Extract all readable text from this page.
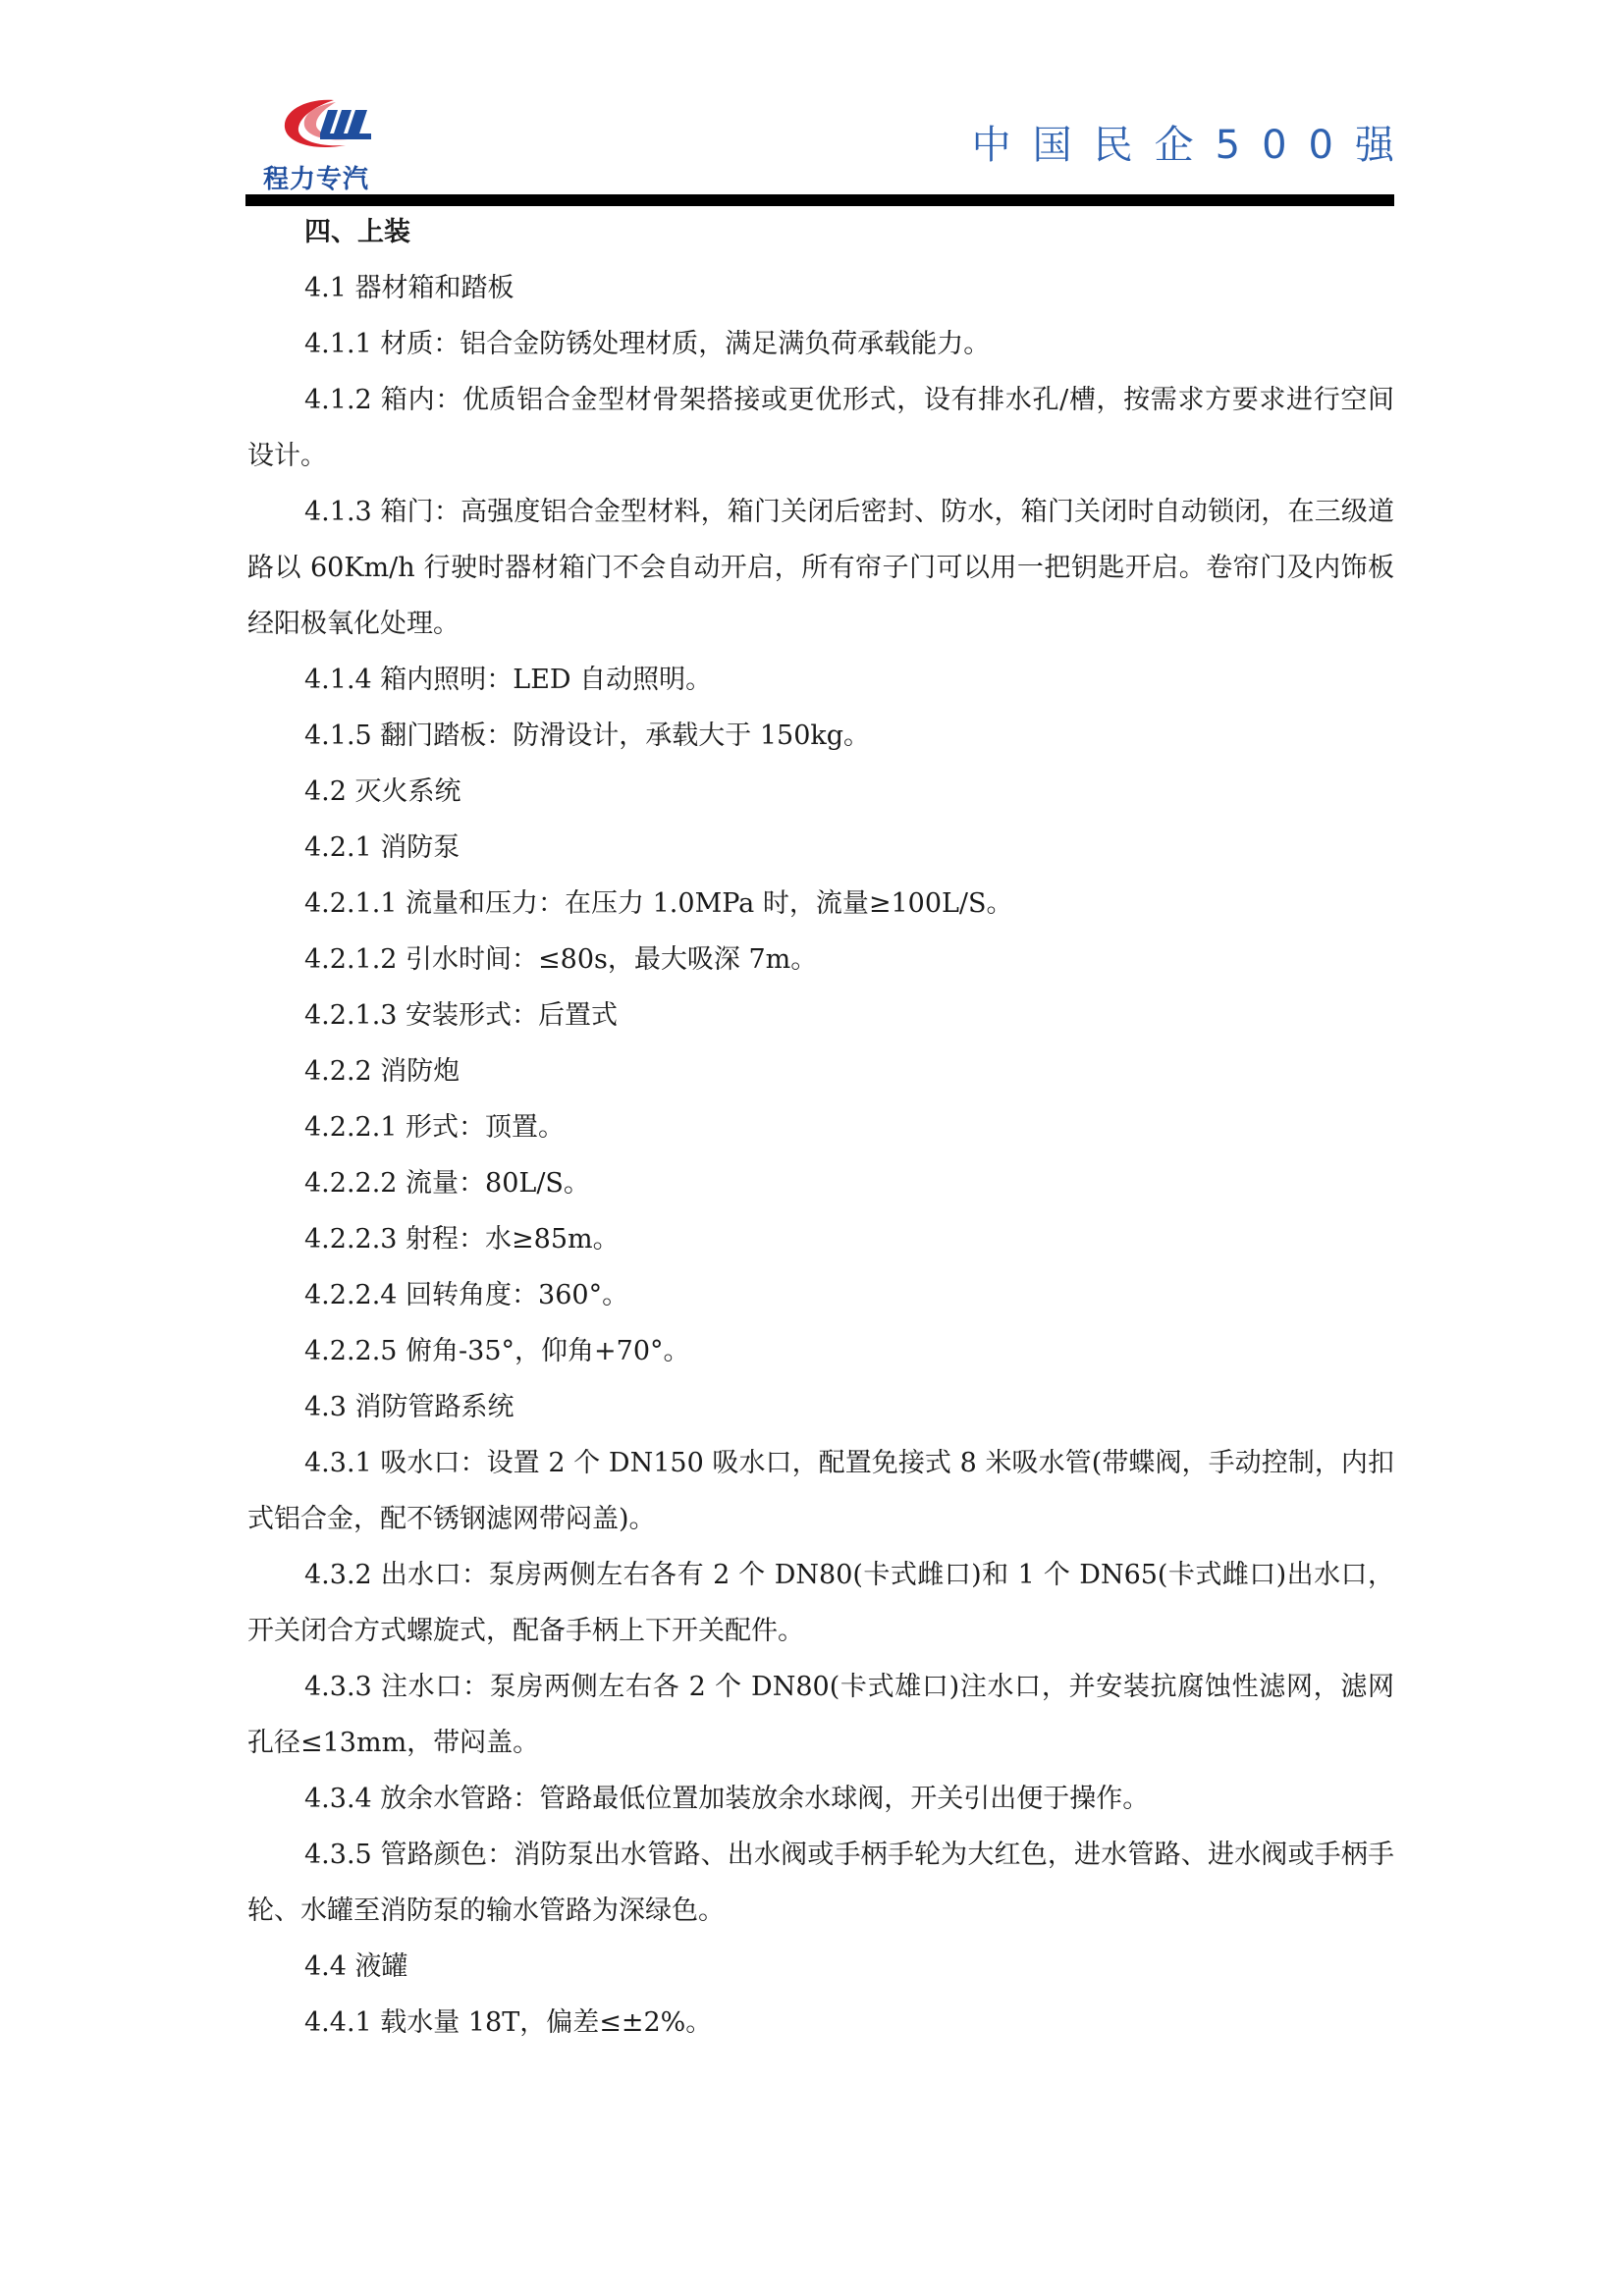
程力专汽
中国民企500强

四、上装

4.1 器材箱和踏板

4.1.1 材质：铝合金防锈处理材质，满足满负荷承载能力。

4.1.2 箱内：优质铝合金型材骨架搭接或更优形式，设有排水孔/槽，按需求方要求进行空间设计。

4.1.3 箱门：高强度铝合金型材料，箱门关闭后密封、防水，箱门关闭时自动锁闭，在三级道路以 60Km/h 行驶时器材箱门不会自动开启，所有帘子门可以用一把钥匙开启。卷帘门及内饰板经阳极氧化处理。

4.1.4 箱内照明：LED 自动照明。

4.1.5 翻门踏板：防滑设计，承载大于 150kg。

4.2 灭火系统

4.2.1 消防泵

4.2.1.1 流量和压力：在压力 1.0MPa 时，流量≥100L/S。

4.2.1.2 引水时间：≤80s，最大吸深 7m。

4.2.1.3 安装形式：后置式

4.2.2 消防炮

4.2.2.1 形式：顶置。

4.2.2.2 流量：80L/S。

4.2.2.3 射程：水≥85m。

4.2.2.4 回转角度：360°。

4.2.2.5 俯角-35°，仰角+70°。

4.3 消防管路系统

4.3.1 吸水口：设置 2 个 DN150 吸水口，配置免接式 8 米吸水管(带蝶阀，手动控制，内扣式铝合金，配不锈钢滤网带闷盖)。

4.3.2 出水口：泵房两侧左右各有 2 个 DN80(卡式雌口)和 1 个 DN65(卡式雌口)出水口，开关闭合方式螺旋式，配备手柄上下开关配件。

4.3.3 注水口：泵房两侧左右各 2 个 DN80(卡式雄口)注水口，并安装抗腐蚀性滤网，滤网孔径≤13mm，带闷盖。

4.3.4 放余水管路：管路最低位置加装放余水球阀，开关引出便于操作。

4.3.5 管路颜色：消防泵出水管路、出水阀或手柄手轮为大红色，进水管路、进水阀或手柄手轮、水罐至消防泵的输水管路为深绿色。

4.4 液罐

4.4.1 载水量 18T，偏差≤±2%。
